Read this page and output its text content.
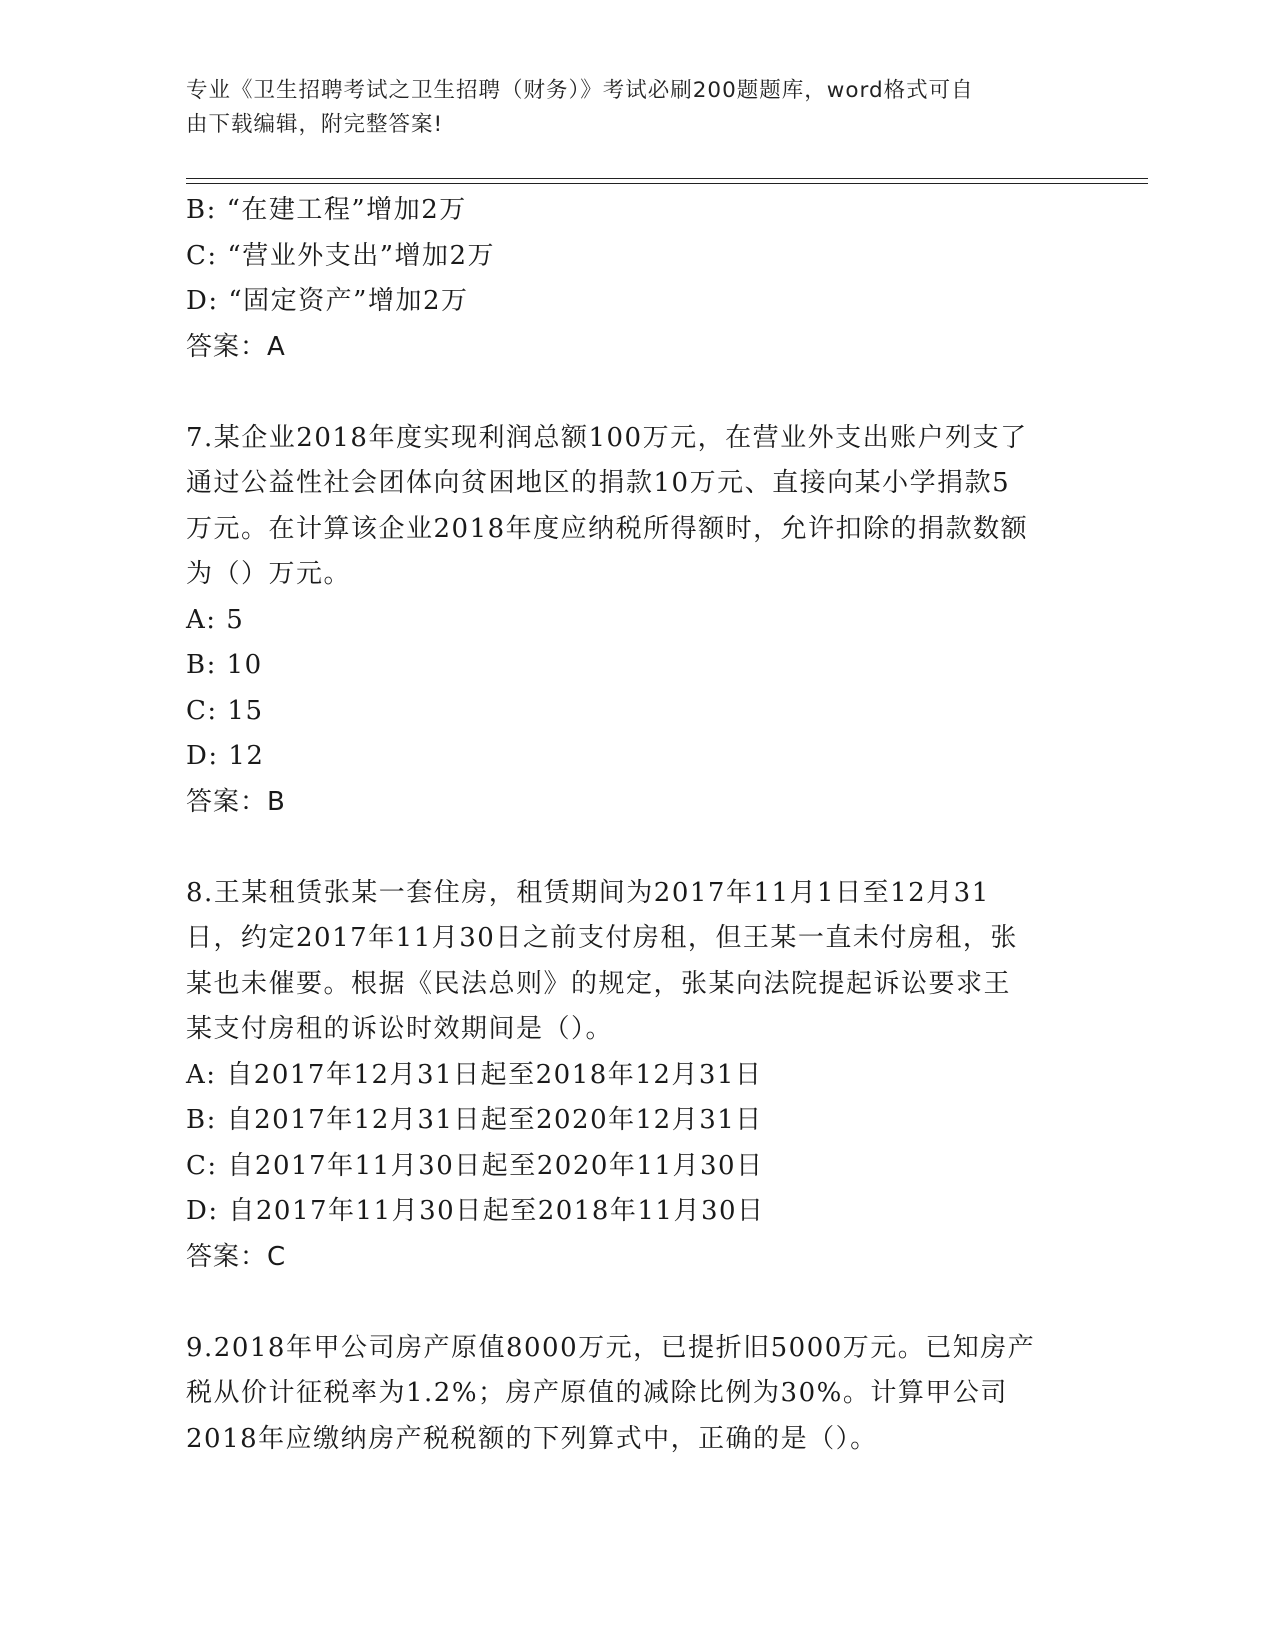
专业《卫生招聘考试之卫生招聘（财务）》考试必刷200题题库，word格式可自
由下载编辑，附完整答案!
B: “在建工程”增加2万
C: “营业外支出”增加2万
D: “固定资产”增加2万
答案：A
7.某企业2018年度实现利润总额100万元，在营业外支出账户列支了
通过公益性社会团体向贫困地区的捐款10万元、直接向某小学捐款5
万元。在计算该企业2018年度应纳税所得额时，允许扣除的捐款数额
为（）万元。
A: 5
B: 10
C: 15
D: 12
答案：B
8.王某租赁张某一套住房，租赁期间为2017年11月1日至12月31
日，约定2017年11月30日之前支付房租，但王某一直未付房租，张
某也未催要。根据《民法总则》的规定，张某向法院提起诉讼要求王
某支付房租的诉讼时效期间是（）。
A: 自2017年12月31日起至2018年12月31日
B: 自2017年12月31日起至2020年12月31日
C: 自2017年11月30日起至2020年11月30日
D: 自2017年11月30日起至2018年11月30日
答案：C
9.2018年甲公司房产原值8000万元，已提折旧5000万元。已知房产
税从价计征税率为1.2%；房产原值的减除比例为30%。计算甲公司
2018年应缴纳房产税税额的下列算式中，正确的是（）。
